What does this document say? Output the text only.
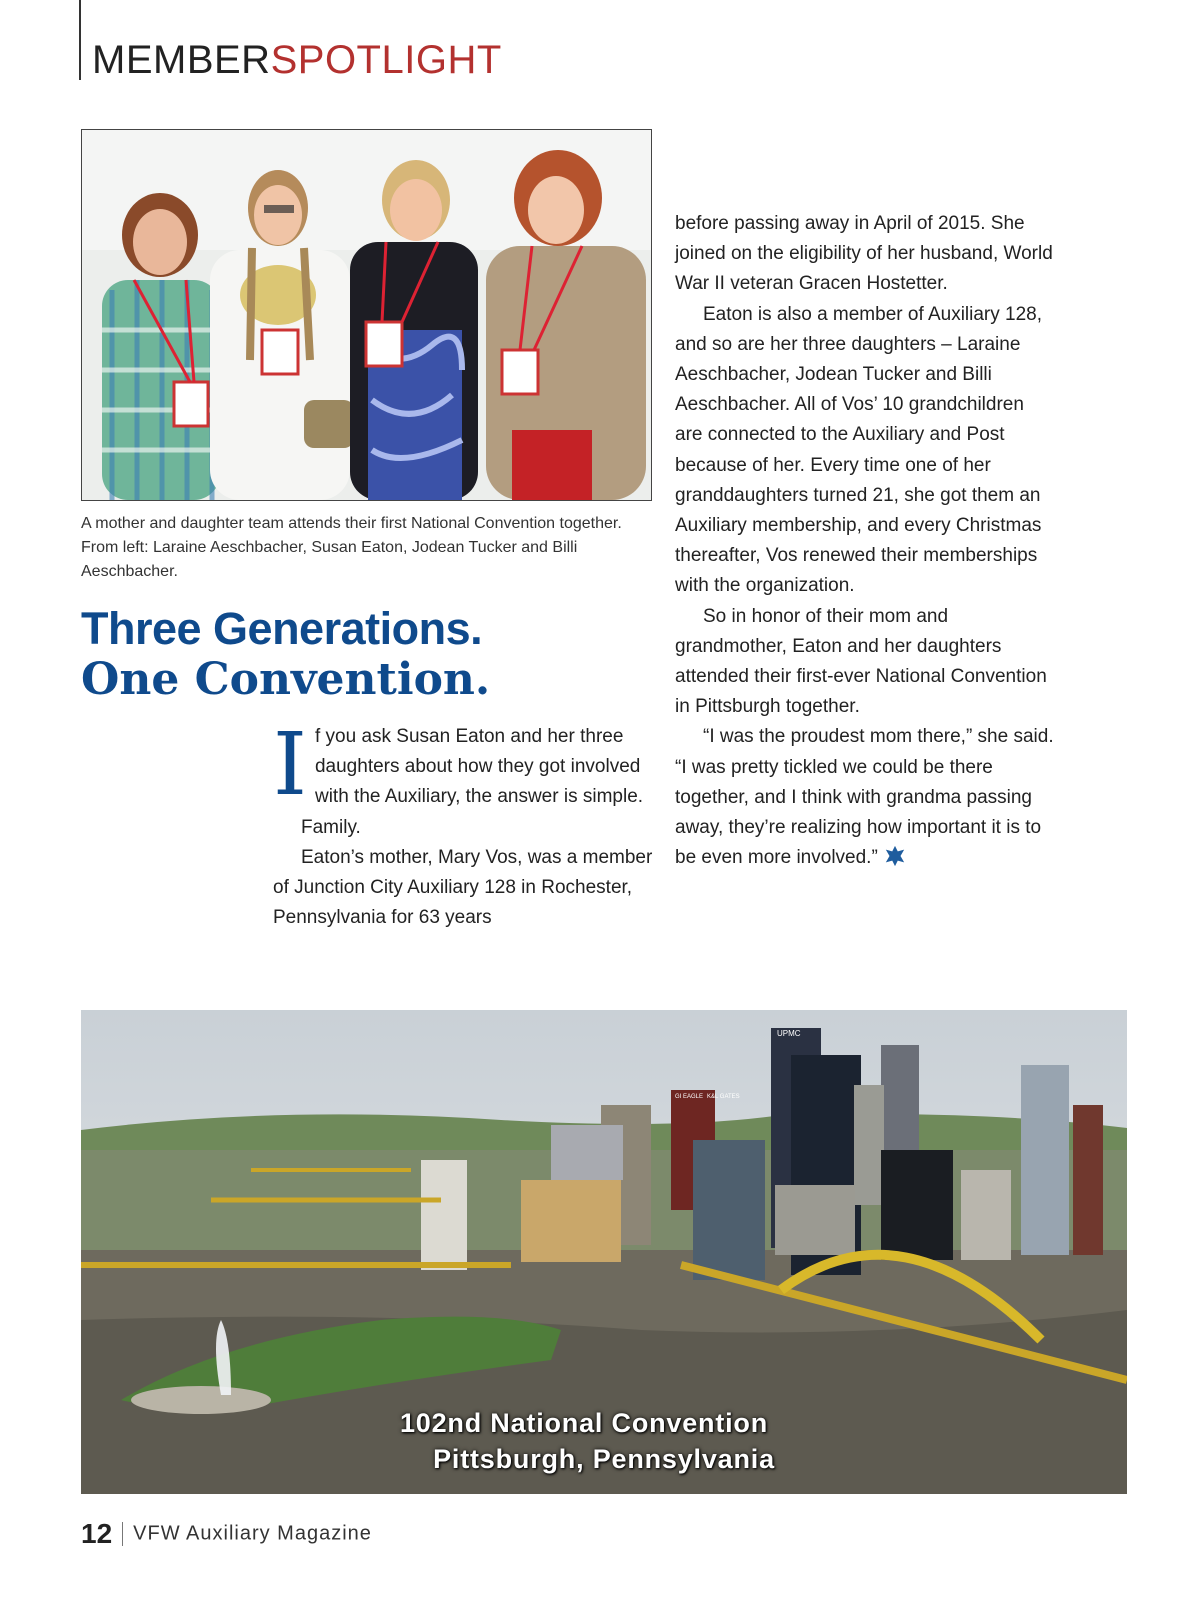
MEMBERSPOTLIGHT
A mother and daughter team attends their first National Convention together. From left: Laraine Aeschbacher, Susan Eaton, Jodean Tucker and Billi Aeschbacher.
Three Generations.
One Convention.

If you ask Susan Eaton and her three daughters about how they got involved with the Auxiliary, the answer is simple.

Family.

Eaton’s mother, Mary Vos, was a member of Junction City Auxiliary 128 in Rochester, Pennsylvania for 63 years

before passing away in April of 2015. She joined on the eligibility of her husband, World War II veteran Gracen Hostetter.

Eaton is also a member of Auxiliary 128, and so are her three daughters – Laraine Aeschbacher, Jodean Tucker and Billi Aeschbacher. All of Vos’ 10 grandchildren are connected to the Auxiliary and Post because of her. Every time one of her granddaughters turned 21, she got them an Auxiliary membership, and every Christmas thereafter, Vos renewed their memberships with the organization.

So in honor of their mom and grandmother, Eaton and her daughters attended their first-ever National Convention in Pittsburgh together.

“I was the proudest mom there,” she said. “I was pretty tickled we could be there together, and I think with grandma passing away, they’re realizing how important it is to be even more involved.”

UPMC
GI EAGLE K&L GATES
102nd National Convention
Pittsburgh, Pennsylvania
12 VFW Auxiliary Magazine
